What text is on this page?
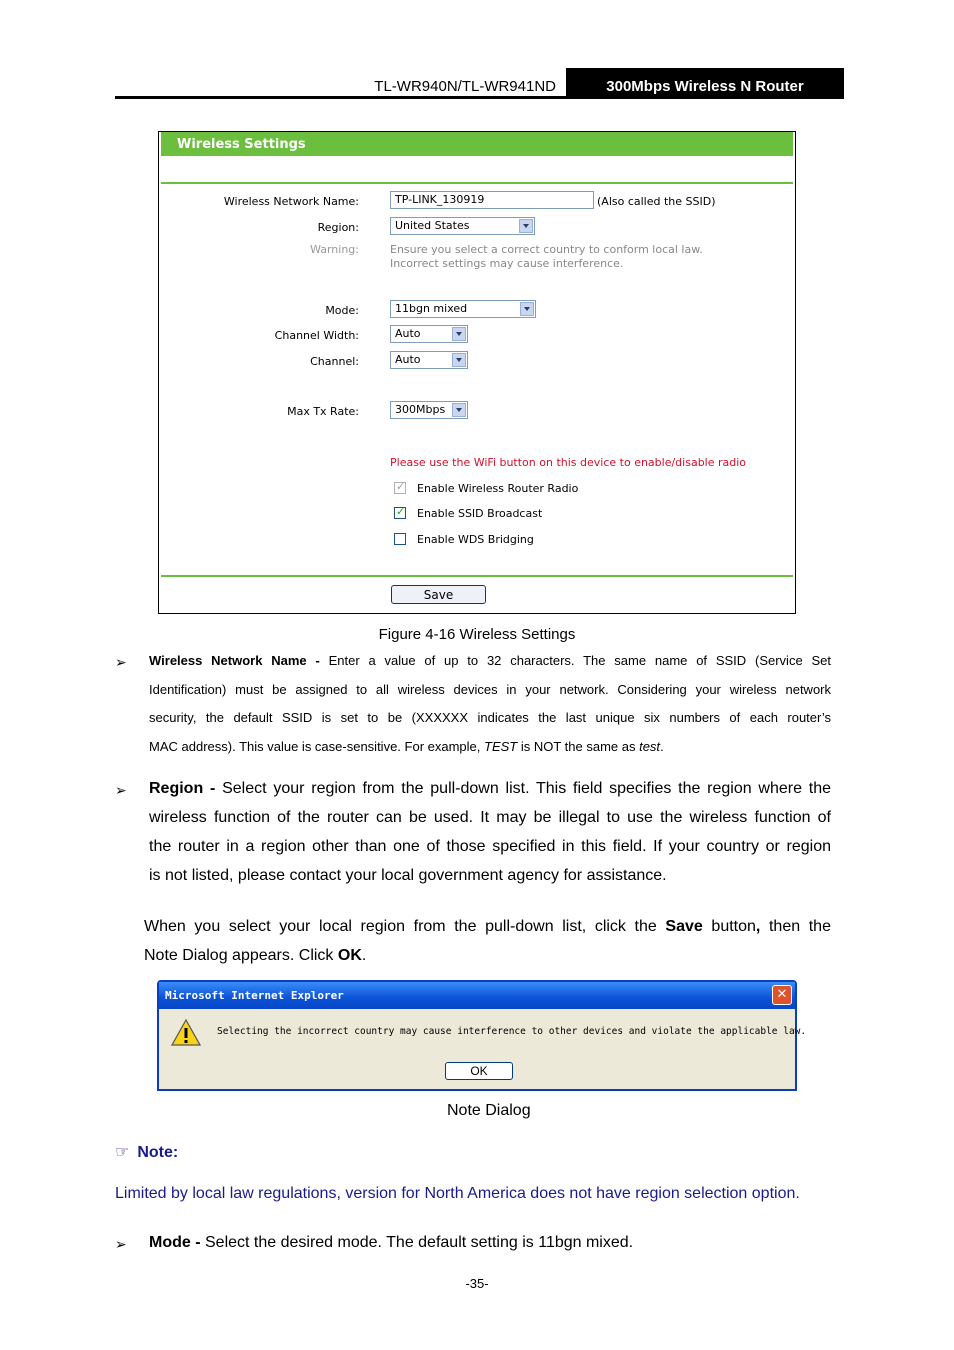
TL-WR940N/TL-WR941ND	300Mbps Wireless N Router
Wireless Settings
Wireless Network Name:	TP-LINK_130919	(Also called the SSID)
Region:	United States
Warning:	Ensure you select a correct country to conform local law.
Incorrect settings may cause interference.
Mode:	11bgn mixed
Channel Width:	Auto
Channel:	Auto
Max Tx Rate:	300Mbps
Please use the WiFi button on this device to enable/disable radio
✓ Enable Wireless Router Radio
✓ Enable SSID Broadcast
Enable WDS Bridging
Save
Figure 4-16 Wireless Settings
➢ Wireless Network Name - Enter a value of up to 32 characters. The same name of SSID (Service Set
Identification) must be assigned to all wireless devices in your network. Considering your wireless network
security, the default SSID is set to be (XXXXXX indicates the last unique six numbers of each router’s
MAC address). This value is case-sensitive. For example, TEST is NOT the same as test.
➢ Region - Select your region from the pull-down list. This field specifies the region where the
wireless function of the router can be used. It may be illegal to use the wireless function of
the router in a region other than one of those specified in this field. If your country or region
is not listed, please contact your local government agency for assistance.
When you select your local region from the pull-down list, click the Save button, then the
Note Dialog appears. Click OK.
Microsoft Internet Explorer	✕
Selecting the incorrect country may cause interference to other devices and violate the applicable law.
OK
Note Dialog
☞ Note:
Limited by local law regulations, version for North America does not have region selection option.
➢ Mode - Select the desired mode. The default setting is 11bgn mixed.
-35-
